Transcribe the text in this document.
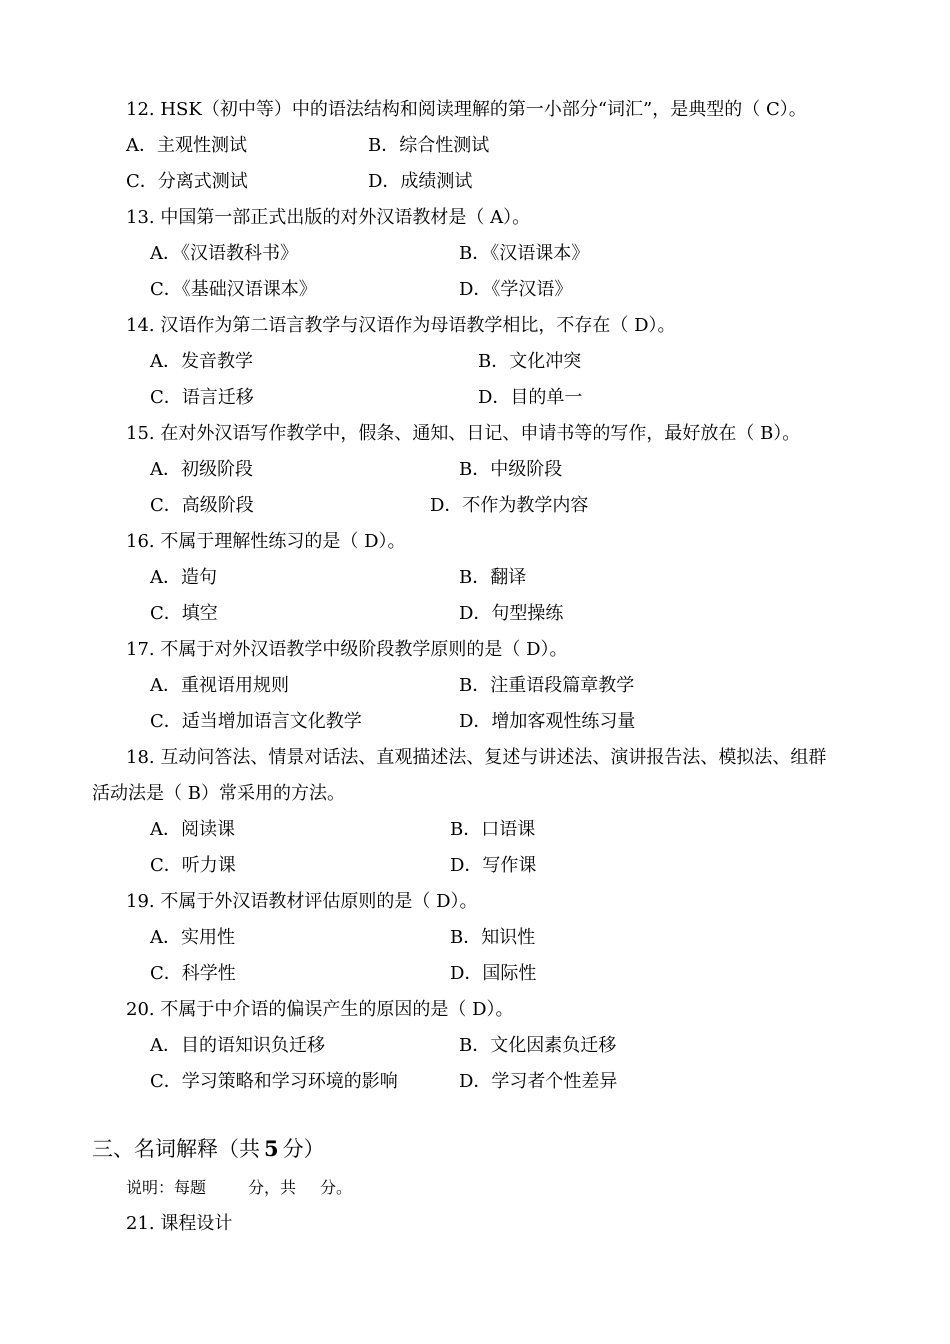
12. HSK（初中等）中的语法结构和阅读理解的第一小部分“词汇”，是典型的（ C）。
A．主观性测试	B．综合性测试
C．分离式测试	D．成绩测试
13. 中国第一部正式出版的对外汉语教材是（ A）。
A．《汉语教科书》	B．《汉语课本》
C．《基础汉语课本》	D．《学汉语》
14. 汉语作为第二语言教学与汉语作为母语教学相比，不存在（ D）。
A．发音教学	B．文化冲突
C．语言迁移	D．目的单一
15. 在对外汉语写作教学中，假条、通知、日记、申请书等的写作，最好放在（ B）。
A．初级阶段	B．中级阶段
C．高级阶段	D．不作为教学内容
16. 不属于理解性练习的是（ D）。
A．造句	B．翻译
C．填空	D．句型操练
17. 不属于对外汉语教学中级阶段教学原则的是（ D）。
A．重视语用规则	B．注重语段篇章教学
C．适当增加语言文化教学	D．增加客观性练习量
18. 互动问答法、情景对话法、直观描述法、复述与讲述法、演讲报告法、模拟法、组群
活动法是（ B）常采用的方法。
A．阅读课	B．口语课
C．听力课	D．写作课
19. 不属于外汉语教材评估原则的是（ D）。
A．实用性	B．知识性
C．科学性	D．国际性
20. 不属于中介语的偏误产生的原因的是（ D）。
A．目的语知识负迁移	B．文化因素负迁移
C．学习策略和学习环境的影响	D．学习者个性差异
三、名词解释（共 5 分）
说明：每题	分，共 分。
21. 课程设计
